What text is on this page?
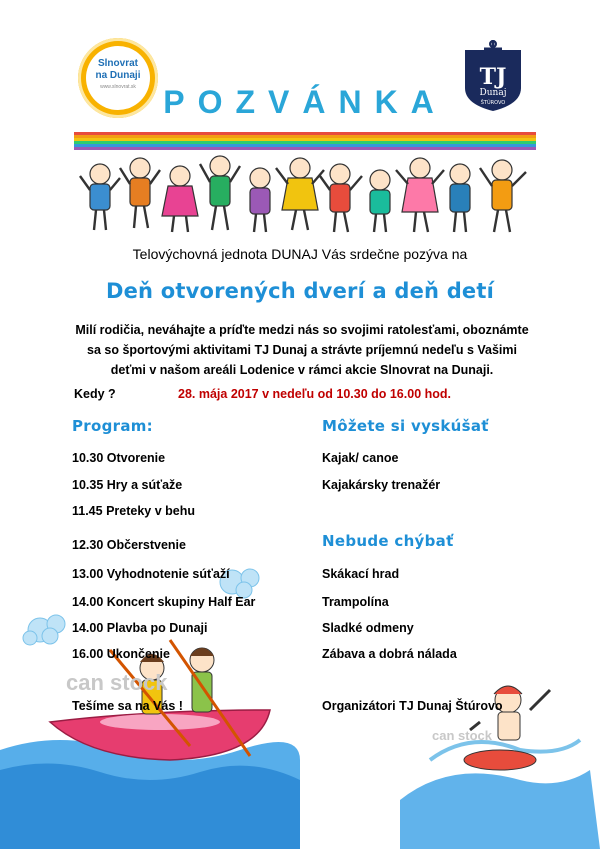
Slnovrat
na Dunaji
www.slnovrat.sk POZVÁNKA
TJ
Dunaj
ŠTÚROVO
Telovýchovná jednota DUNAJ Vás srdečne pozýva na
Deň otvorených dverí a deň detí
Milí rodičia, neváhajte a príďte medzi nás so svojimi ratolesťami, oboznámte
sa so športovými aktivitami TJ Dunaj a strávte príjemnú nedeľu s Vašimi
deťmi v našom areáli Lodenice v rámci akcie Slnovrat na Dunaji.
Kedy ?	28. mája 2017 v nedeľu od 10.30 do 16.00 hod.
Program:	Môžete si vyskúšať
can stock
can stock
10.30 Otvorenie
10.35 Hry a súťaže
11.45 Preteky v behu
12.30 Občerstvenie
13.00 Vyhodnotenie súťaží
14.00 Koncert skupiny Half Ear
14.00 Plavba po Dunaji
16.00 Ukončenie
Kajak/ canoe
Kajakársky trenažér
Nebude chýbať
Skákací hrad
Trampolína
Sladké odmeny
Zábava a dobrá nálada
Tešíme sa na Vás !	Organizátori TJ Dunaj Štúrovo
